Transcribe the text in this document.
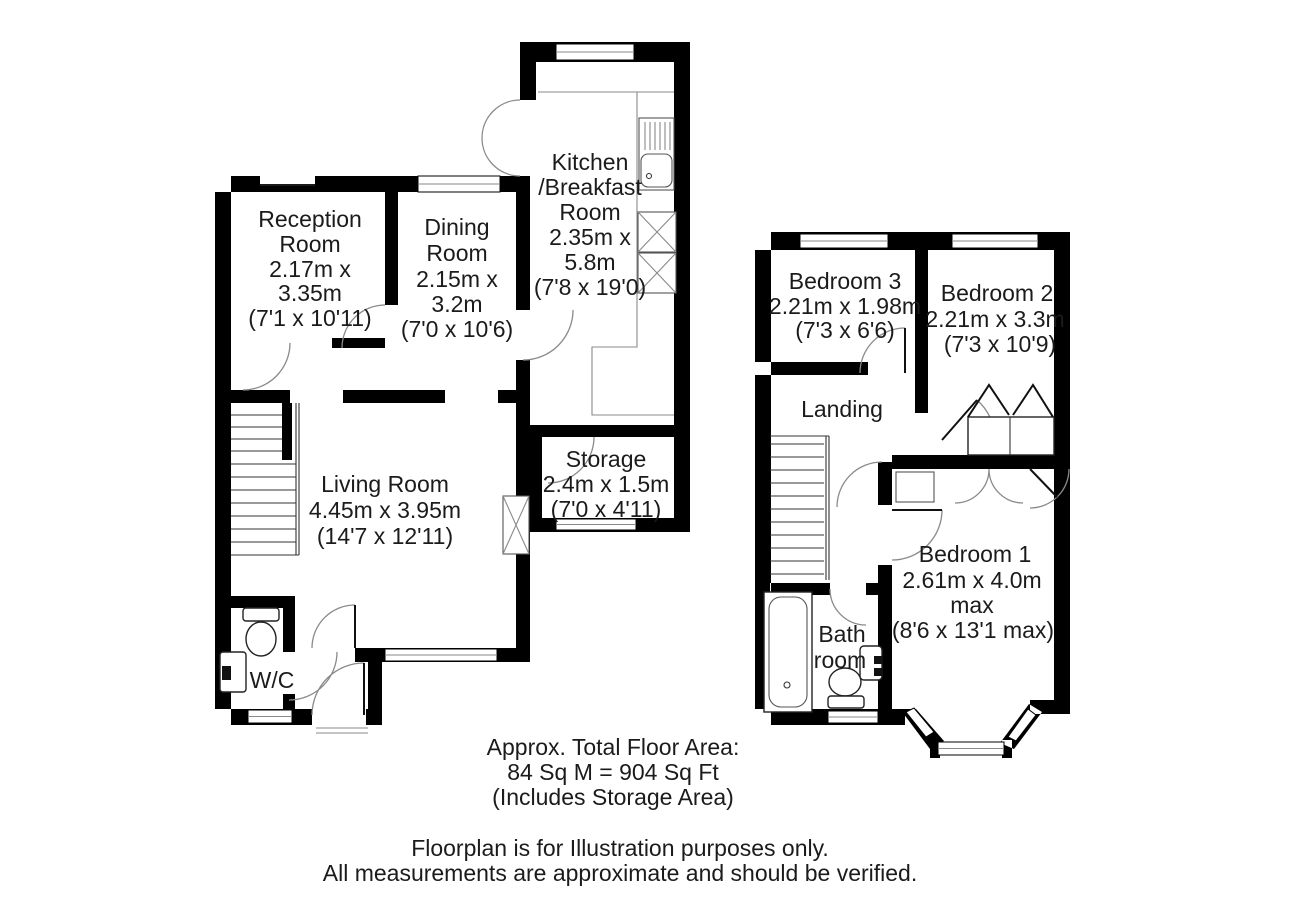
Reception
Room
2.17m x
3.35m
(7'1 x 10'11)
Dining
Room
2.15m x
3.2m
(7'0 x 10'6)
Kitchen
/Breakfast
Room
2.35m x
5.8m
(7'8 x 19'0)
Living Room
4.45m x 3.95m
(14'7 x 12'11)
Storage
2.4m x 1.5m
(7'0 x 4'11)
W/C
Bedroom 3
2.21m x 1.98m
(7'3 x 6'6)
Bedroom 2
2.21m x 3.3m
(7'3 x 10'9)
Landing
Bedroom 1
2.61m x 4.0m
max
(8'6 x 13'1 max)
Bath
room
Approx. Total Floor Area:
84 Sq M = 904 Sq Ft
(Includes Storage Area)
Floorplan is for Illustration purposes only.
All measurements are approximate and should be verified.
